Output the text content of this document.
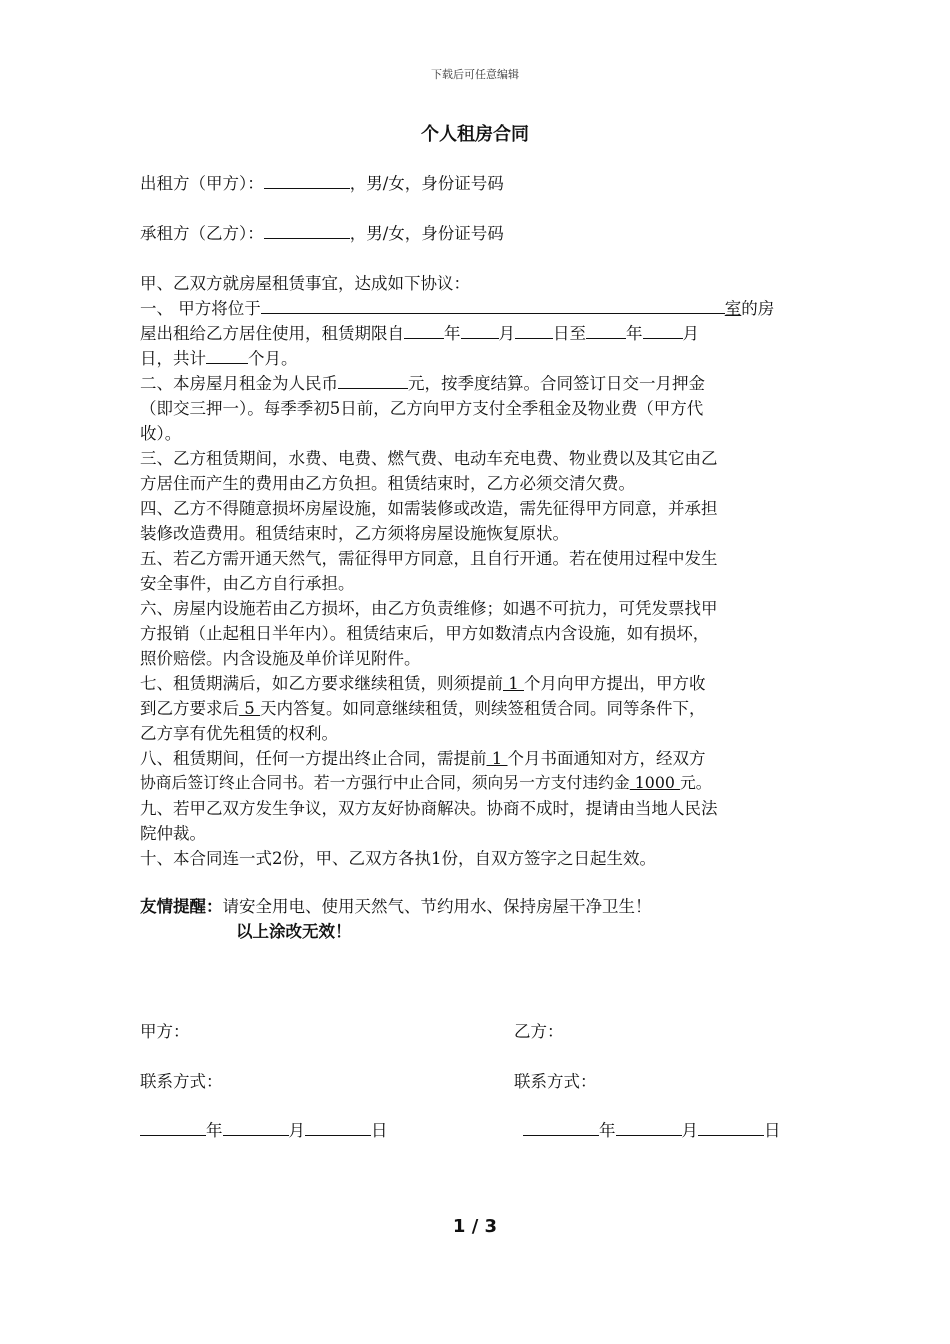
下载后可任意编辑
个人租房合同
出租方（甲方）：	，男/女，身份证号码
承租方（乙方）：	，男/女，身份证号码
甲、乙双方就房屋租赁事宜，达成如下协议：
一、 甲方将位于	室的房
屋出租给乙方居住使用，租赁期限自 年 月 日至 年 月
日，共计	个月。
二、本房屋月租金为人民币	元，按季度结算。合同签订日交一月押金
（即交三押一）。每季季初5日前，乙方向甲方支付全季租金及物业费（甲方代
收）。
三、乙方租赁期间，水费、电费、燃气费、电动车充电费、物业费以及其它由乙
方居住而产生的费用由乙方负担。租赁结束时，乙方必须交清欠费。
四、乙方不得随意损坏房屋设施，如需装修或改造，需先征得甲方同意，并承担
装修改造费用。租赁结束时，乙方须将房屋设施恢复原状。
五、若乙方需开通天然气，需征得甲方同意，且自行开通。若在使用过程中发生
安全事件，由乙方自行承担。
六、房屋内设施若由乙方损坏，由乙方负责维修；如遇不可抗力，可凭发票找甲
方报销（止起租日半年内）。租赁结束后，甲方如数清点内含设施，如有损坏，
照价赔偿。内含设施及单价详见附件。
七、租赁期满后，如乙方要求继续租赁，则须提前 1 个月向甲方提出，甲方收
到乙方要求后 5 天内答复。如同意继续租赁，则续签租赁合同。同等条件下，
乙方享有优先租赁的权利。
八、租赁期间，任何一方提出终止合同，需提前 1 个月书面通知对方，经双方
协商后签订终止合同书。若一方强行中止合同，须向另一方支付违约金 1000 元。
九、若甲乙双方发生争议，双方友好协商解决。协商不成时，提请由当地人民法
院仲裁。
十、本合同连一式2份，甲、乙双方各执1份，自双方签字之日起生效。
友情提醒：请安全用电、使用天然气、节约用水、保持房屋干净卫生！
以上涂改无效！
甲方：	乙方：
联系方式：	联系方式：
年	月	日	年	月	日
1 / 3
